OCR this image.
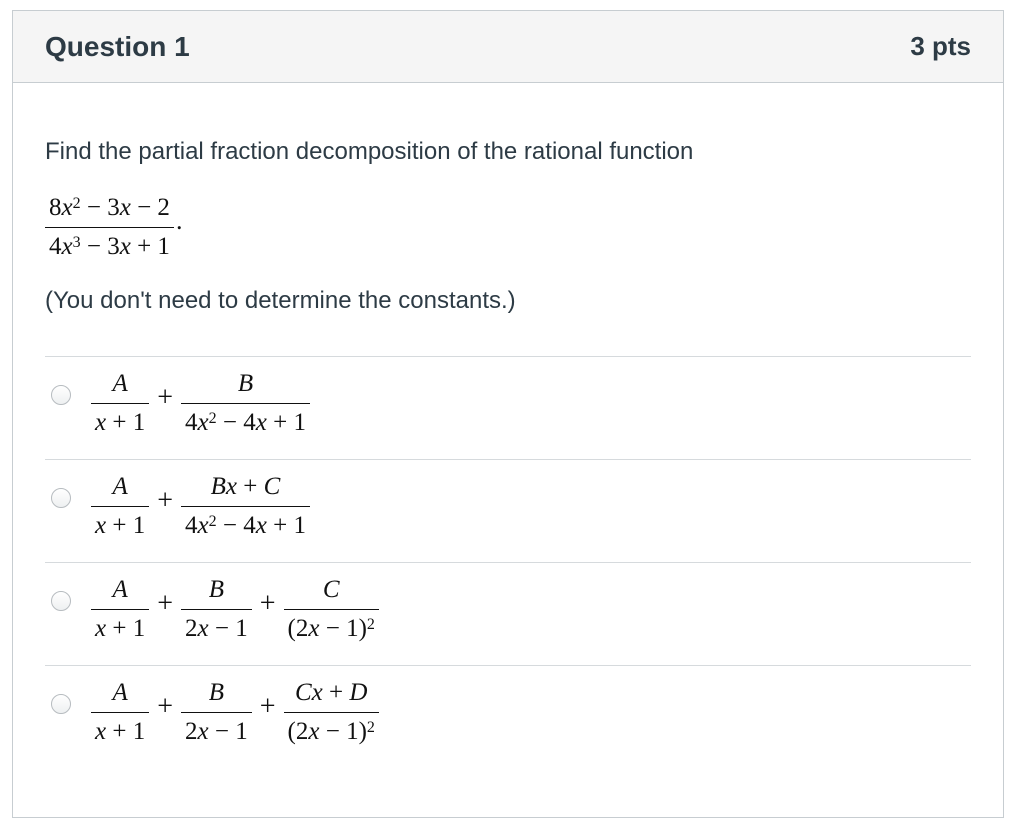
Question 1	3 pts
Find the partial fraction decomposition of the rational function
$\frac{8x^2 - 3x - 2}{4x^3 - 3x + 1}$ .
(You don't need to determine the constants.)
$\frac{A}{x + 1} + \frac{B}{4x^2 - 4x + 1}$
$\frac{A}{x + 1} + \frac{Bx + C}{4x^2 - 4x + 1}$
$\frac{A}{x + 1} + \frac{B}{2x - 1} + \frac{C}{(2x - 1)^2}$
$\frac{A}{x + 1} + \frac{B}{2x - 1} + \frac{Cx + D}{(2x - 1)^2}$
